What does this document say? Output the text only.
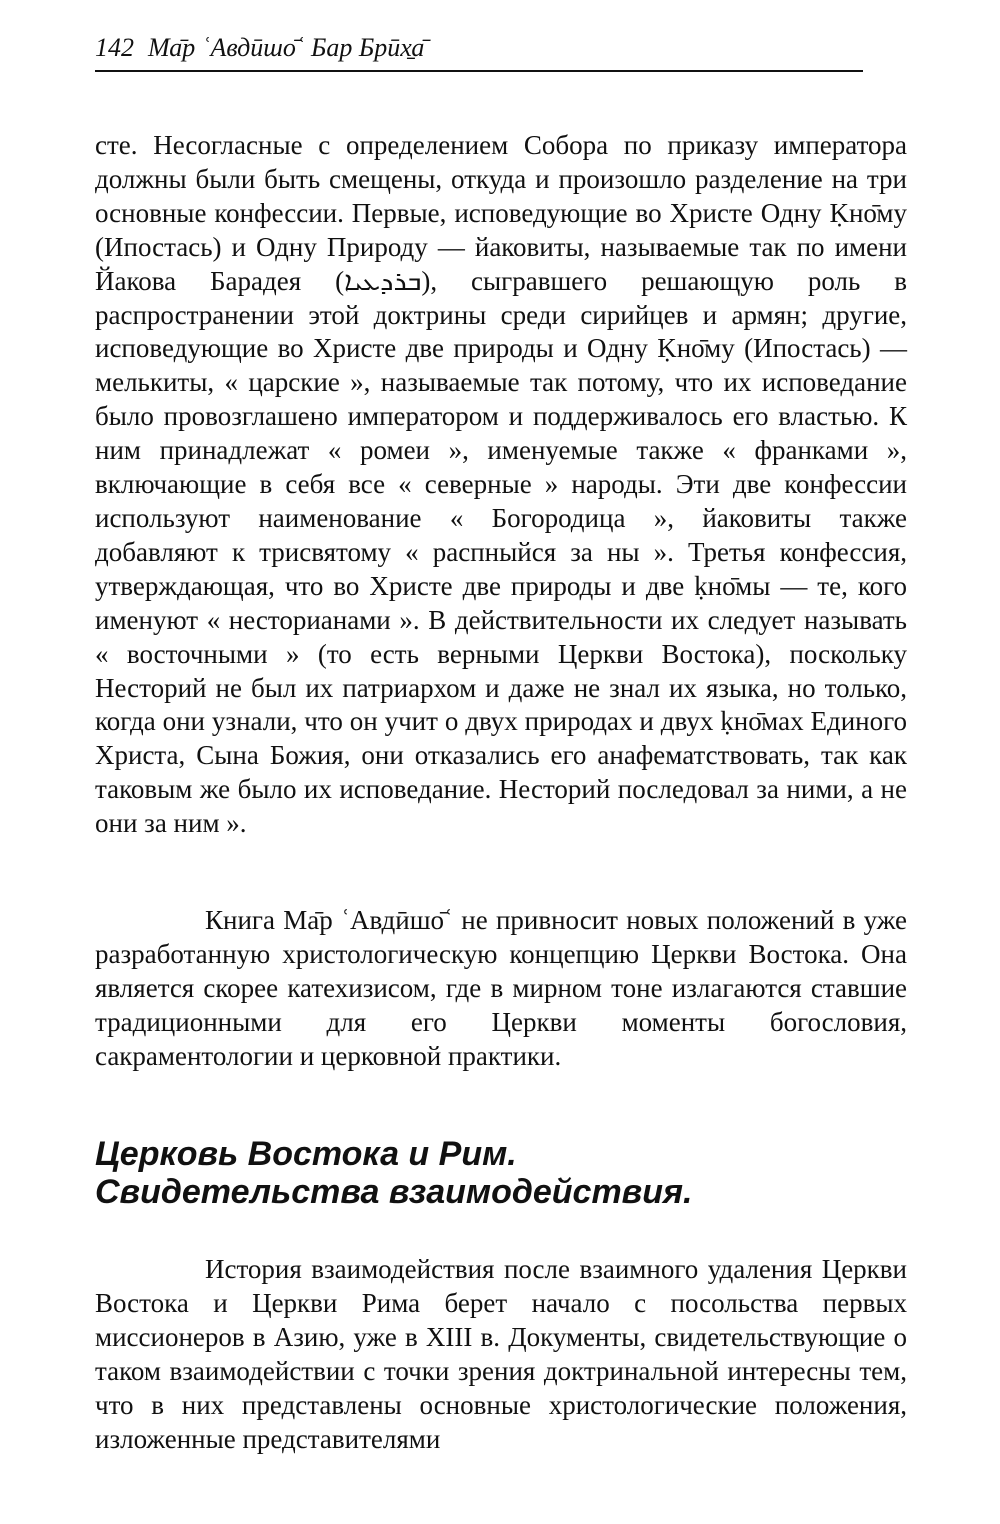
142 Ма̄р ʿАвдӣшо̄ʿ Бар Брӣх̱а̄

сте. Несогласные с определением Собора по приказу императора должны были быть смещены, откуда и произошло разделение на три основные конфессии. Первые, исповедующие во Христе Одну Ḳно̄му (Ипостась) и Одну Природу — йаковиты, называемые так по имени Йакова Барадея (ܒܪܕܥܝܐ), сыгравшего решающую роль в распространении этой доктрины среди сирийцев и армян; другие, исповедующие во Христе две природы и Одну Ḳно̄му (Ипостась) — мелькиты, « царские », называемые так потому, что их исповедание было провозглашено императором и поддерживалось его властью. К ним принадлежат « ромеи », именуемые также « франками », включающие в себя все « северные » народы. Эти две конфессии используют наименование « Богородица », йаковиты также добавляют к трисвятому « распныйся за ны ». Третья конфессия, утверждающая, что во Христе две природы и две ḳно̄мы — те, кого именуют « несторианами ». В действительности их следует называть « восточными » (то есть верными Церкви Востока), поскольку Несторий не был их патриархом и даже не знал их языка, но только, когда они узнали, что он учит о двух природах и двух ḳно̄мах Единого Христа, Сына Божия, они отказались его анафематствовать, так как таковым же было их исповедание. Несторий последовал за ними, а не они за ним ».

Книга Ма̄р ʿАвдӣшо̄ʿ не привносит новых положений в уже разработанную христологическую концепцию Церкви Востока. Она является скорее катехизисом, где в мирном тоне излагаются ставшие традиционными для его Церкви моменты богословия, сакраментологии и церковной практики.

Церковь Востока и Рим.
Свидетельства взаимодействия.

История взаимодействия после взаимного удаления Церкви Востока и Церкви Рима берет начало с посольства первых миссионеров в Азию, уже в XIII в. Документы, свидетельствующие о таком взаимодействии с точки зрения доктринальной интересны тем, что в них представлены основные христологические положения, изложенные представителями
